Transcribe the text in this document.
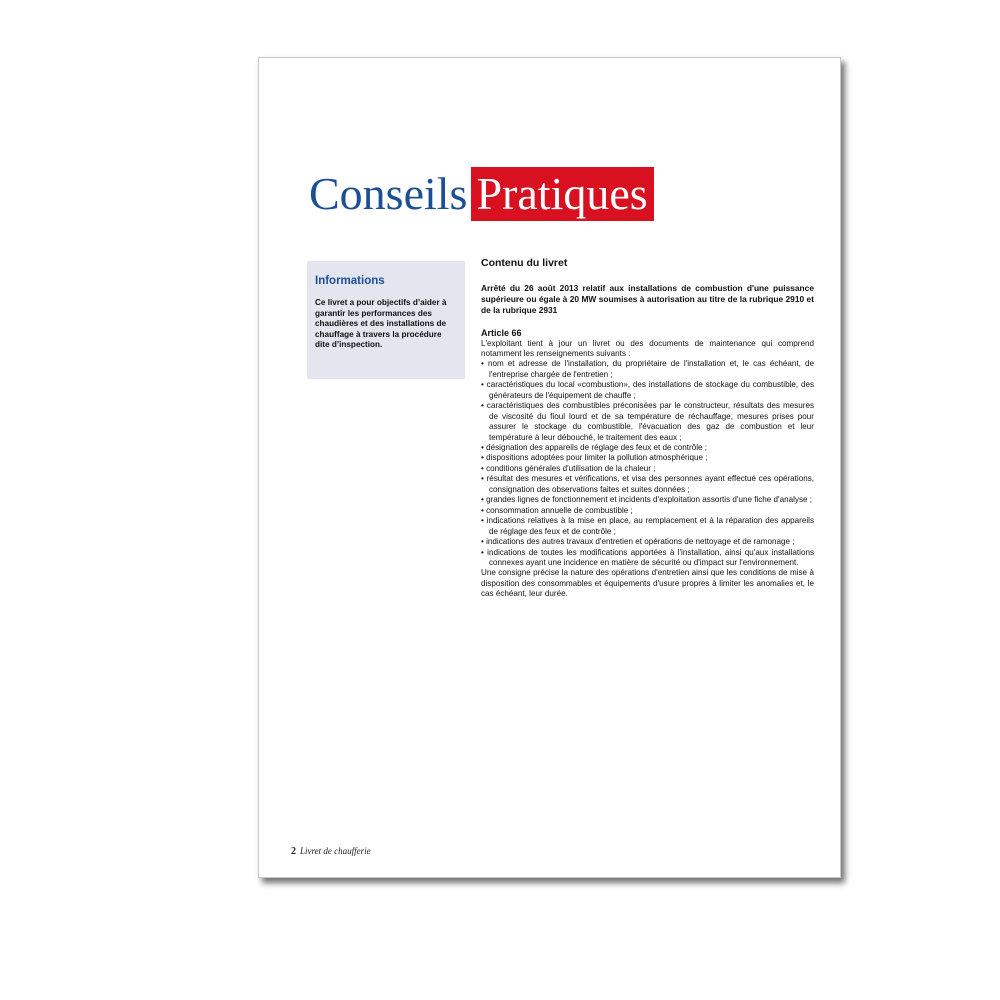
Conseils Pratiques
Informations
Ce livret a pour objectifs d’aider à garantir les performances des chaudières et des installations de chauffage à travers la procédure dite d’inspection.
Contenu du livret
Arrêté du 26 août 2013 relatif aux installations de combustion d'une puissance supérieure ou égale à 20 MW soumises à autorisation au titre de la rubrique 2910 et de la rubrique 2931
Article 66
L'exploitant tient à jour un livret ou des documents de maintenance qui comprend notamment les renseignements suivants :
• nom et adresse de l'installation, du propriétaire de l'installation et, le cas échéant, de l'entreprise chargée de l'entretien ;
• caractéristiques du local «combustion», des installations de stockage du combustible, des générateurs de l'équipement de chauffe ;
• caractéristiques des combustibles préconisées par le constructeur, résultats des mesures de viscosité du fioul lourd et de sa température de réchauffage, mesures prises pour assurer le stockage du combustible, l'évacuation des gaz de combustion et leur température à leur débouché, le traitement des eaux ;
• désignation des appareils de réglage des feux et de contrôle ;
• dispositions adoptées pour limiter la pollution atmosphérique ;
• conditions générales d'utilisation de la chaleur ;
• résultat des mesures et vérifications, et visa des personnes ayant effectué ces opérations, consignation des observations faites et suites données ;
• grandes lignes de fonctionnement et incidents d'exploitation assortis d'une fiche d'analyse ;
• consommation annuelle de combustible ;
• indications relatives à la mise en place, au remplacement et à la réparation des appareils de réglage des feux et de contrôle ;
• indications des autres travaux d'entretien et opérations de nettoyage et de ramonage ;
• indications de toutes les modifications apportées à l'installation, ainsi qu'aux installations connexes ayant une incidence en matière de sécurité ou d'impact sur l'environnement.
Une consigne précise la nature des opérations d'entretien ainsi que les conditions de mise à disposition des consommables et équipements d'usure propres à limiter les anomalies et, le cas échéant, leur durée.
2 Livret de chaufferie
